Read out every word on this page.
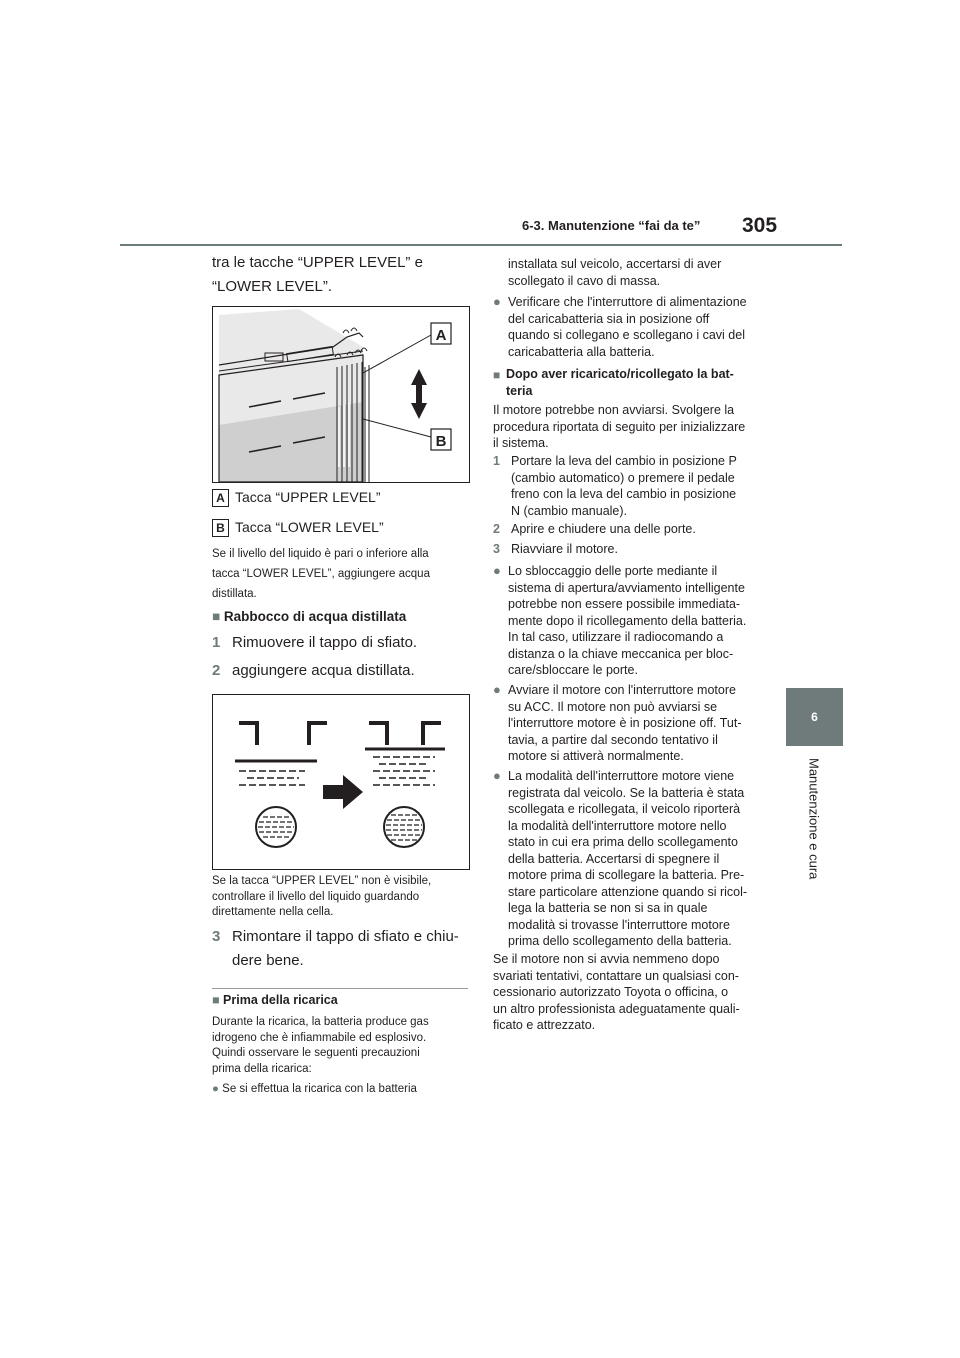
6-3. Manutenzione “fai da te” 305
6
Manutenzione e cura
tra le tacche “UPPER LEVEL” e
“LOWER LEVEL”.
A
B
A Tacca “UPPER LEVEL”
B Tacca “LOWER LEVEL”
Se il livello del liquido è pari o inferiore alla
tacca “LOWER LEVEL”, aggiungere acqua
distillata.
■ Rabbocco di acqua distillata
1 Rimuovere il tappo di sfiato.
2 aggiungere acqua distillata.
Se la tacca “UPPER LEVEL” non è visibile,
controllare il livello del liquido guardando
direttamente nella cella.
3 Rimontare il tappo di sfiato e chiu-
dere bene.
■ Prima della ricarica
Durante la ricarica, la batteria produce gas
idrogeno che è infiammabile ed esplosivo.
Quindi osservare le seguenti precauzioni
prima della ricarica:
● Se si effettua la ricarica con la batteria
installata sul veicolo, accertarsi di aver
scollegato il cavo di massa.
● Verificare che l'interruttore di alimentazione
del caricabatteria sia in posizione off
quando si collegano e scollegano i cavi del
caricabatteria alla batteria.
■ Dopo aver ricaricato/ricollegato la bat-
teria
Il motore potrebbe non avviarsi. Svolgere la
procedura riportata di seguito per inizializzare
il sistema.
1 Portare la leva del cambio in posizione P
(cambio automatico) o premere il pedale
freno con la leva del cambio in posizione
N (cambio manuale).
2 Aprire e chiudere una delle porte.
3 Riavviare il motore.
● Lo sbloccaggio delle porte mediante il
sistema di apertura/avviamento intelligente
potrebbe non essere possibile immediata-
mente dopo il ricollegamento della batteria.
In tal caso, utilizzare il radiocomando a
distanza o la chiave meccanica per bloc-
care/sbloccare le porte.
● Avviare il motore con l'interruttore motore
su ACC. Il motore non può avviarsi se
l'interruttore motore è in posizione off. Tut-
tavia, a partire dal secondo tentativo il
motore si attiverà normalmente.
● La modalità dell'interruttore motore viene
registrata dal veicolo. Se la batteria è stata
scollegata e ricollegata, il veicolo riporterà
la modalità dell'interruttore motore nello
stato in cui era prima dello scollegamento
della batteria. Accertarsi di spegnere il
motore prima di scollegare la batteria. Pre-
stare particolare attenzione quando si ricol-
lega la batteria se non si sa in quale
modalità si trovasse l'interruttore motore
prima dello scollegamento della batteria.
Se il motore non si avvia nemmeno dopo
svariati tentativi, contattare un qualsiasi con-
cessionario autorizzato Toyota o officina, o
un altro professionista adeguatamente quali-
ficato e attrezzato.
